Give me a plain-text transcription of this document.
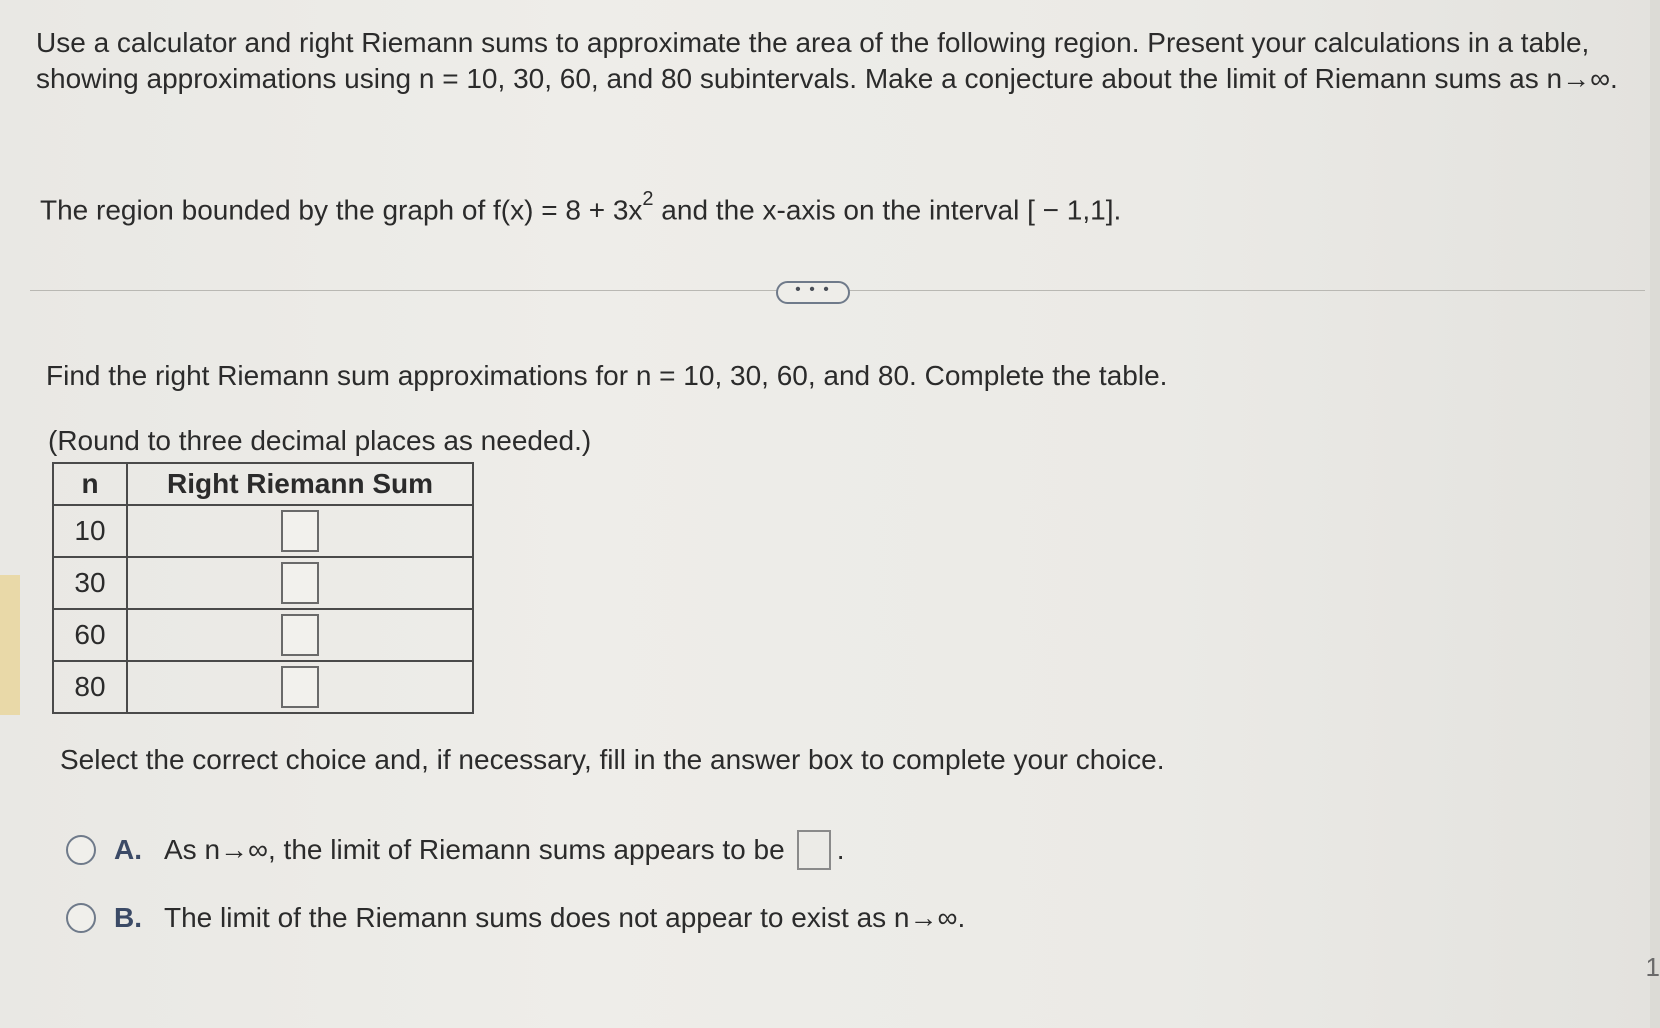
Use a calculator and right Riemann sums to approximate the area of the following region. Present your calculations in a table, showing approximations using n = 10, 30, 60, and 80 subintervals. Make a conjecture about the limit of Riemann sums as n→∞.

The region bounded by the graph of $f(x) = 8 + 3x^2$ and the x-axis on the interval [ − 1,1].

• • •

Find the right Riemann sum approximations for n = 10, 30, 60, and 80. Complete the table.

(Round to three decimal places as needed.)

n	Right Riemann Sum
10	
30	
60	
80	

Select the correct choice and, if necessary, fill in the answer box to complete your choice.

A. As n→∞, the limit of Riemann sums appears to be .
B. The limit of the Riemann sums does not appear to exist as n→∞.
1
